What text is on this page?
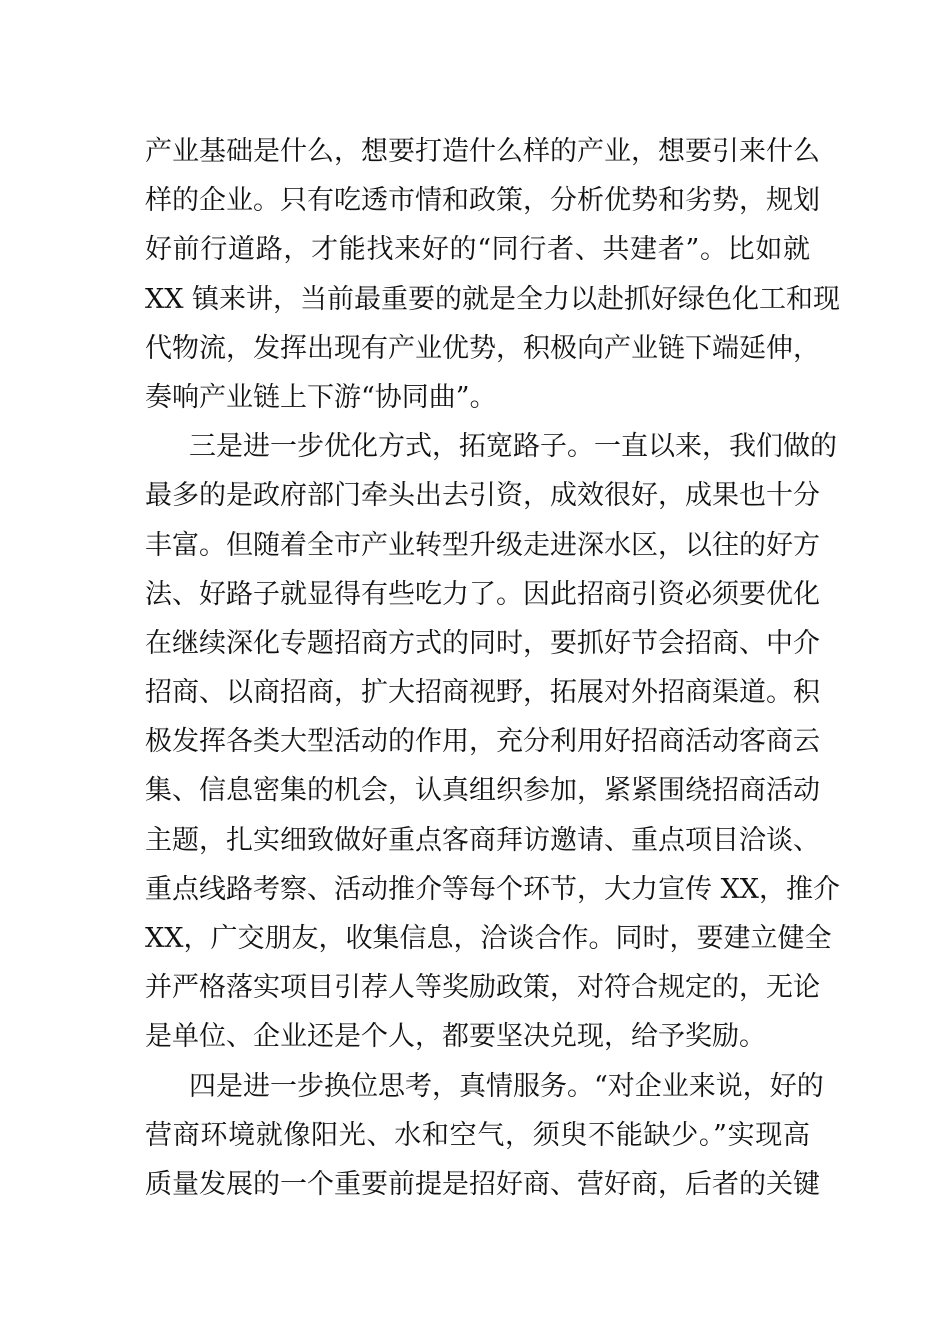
产业基础是什么，想要打造什么样的产业，想要引来什么
样的企业。只有吃透市情和政策，分析优势和劣势，规划
好前行道路，才能找来好的“同行者、共建者”。比如就
XX 镇来讲，当前最重要的就是全力以赴抓好绿色化工和现
代物流，发挥出现有产业优势，积极向产业链下端延伸，
奏响产业链上下游“协同曲”。
三是进一步优化方式，拓宽路子。一直以来，我们做的
最多的是政府部门牵头出去引资，成效很好，成果也十分
丰富。但随着全市产业转型升级走进深水区，以往的好方
法、好路子就显得有些吃力了。因此招商引资必须要优化
在继续深化专题招商方式的同时，要抓好节会招商、中介
招商、以商招商，扩大招商视野，拓展对外招商渠道。积
极发挥各类大型活动的作用，充分利用好招商活动客商云
集、信息密集的机会，认真组织参加，紧紧围绕招商活动
主题，扎实细致做好重点客商拜访邀请、重点项目洽谈、
重点线路考察、活动推介等每个环节，大力宣传 XX，推介
XX，广交朋友，收集信息，洽谈合作。同时，要建立健全
并严格落实项目引荐人等奖励政策，对符合规定的，无论
是单位、企业还是个人，都要坚决兑现，给予奖励。
四是进一步换位思考，真情服务。“对企业来说，好的
营商环境就像阳光、水和空气，须臾不能缺少。”实现高
质量发展的一个重要前提是招好商、营好商，后者的关键
